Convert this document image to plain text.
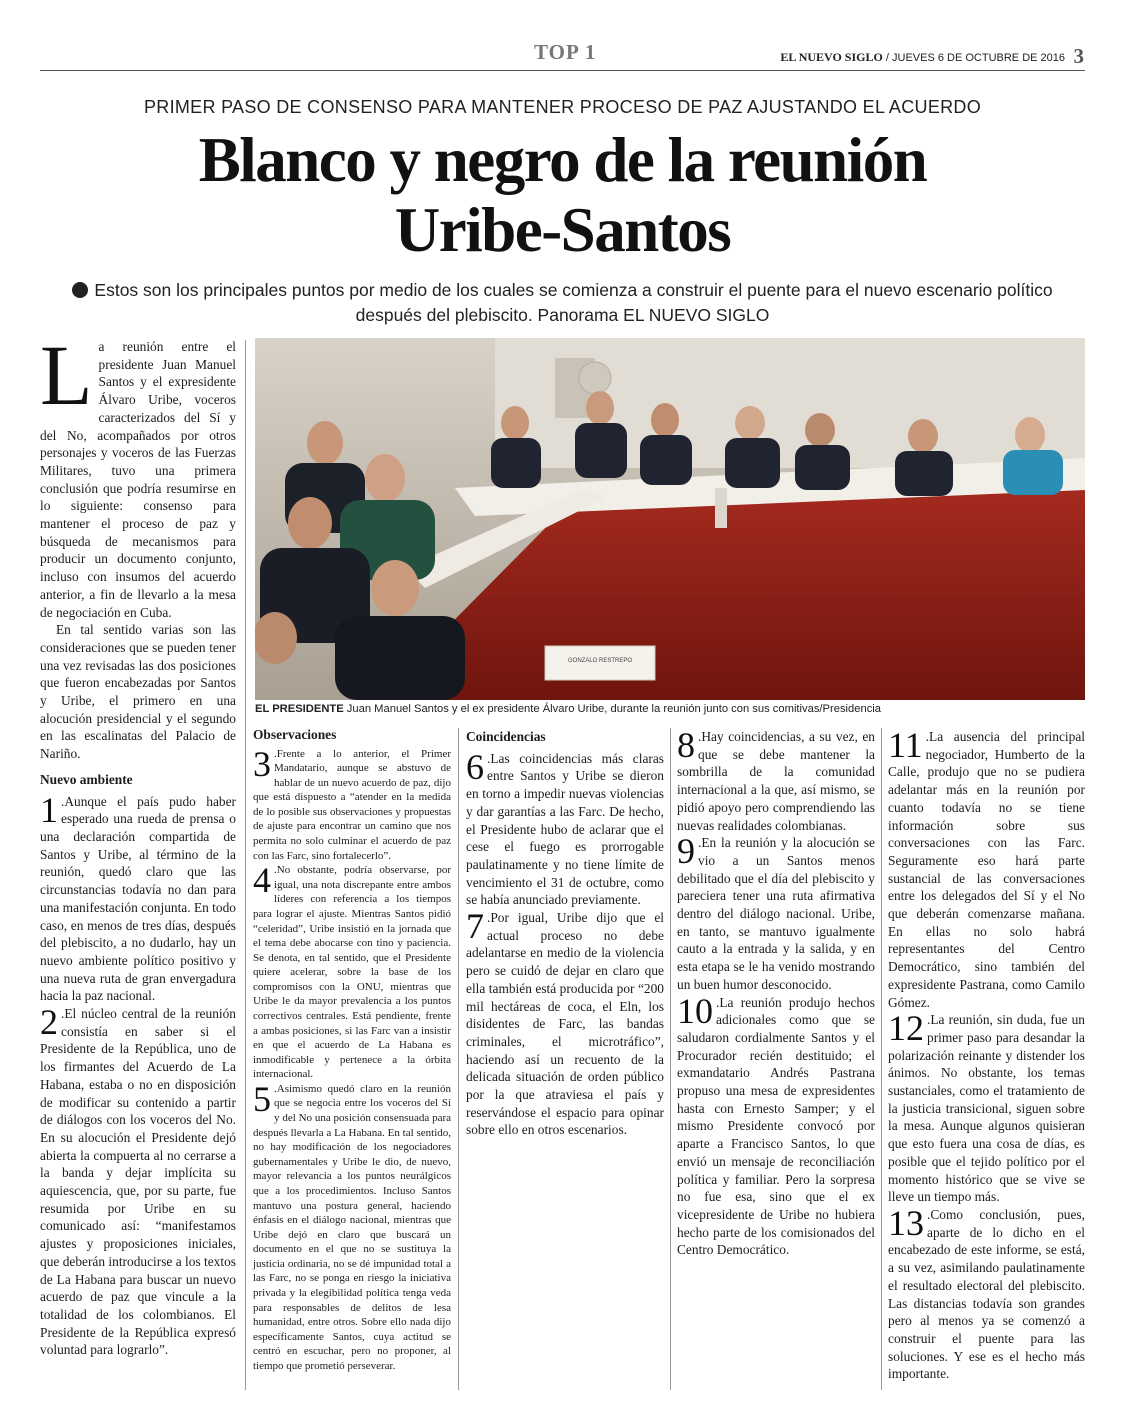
TOP 1	EL NUEVO SIGLO / JUEVES 6 DE OCTUBRE DE 2016 3
PRIMER PASO DE CONSENSO PARA MANTENER PROCESO DE PAZ AJUSTANDO EL ACUERDO
Blanco y negro de la reunión
Uribe-Santos
Estos son los principales puntos por medio de los cuales se comienza a construir el puente para el nuevo escenario político después del plebiscito. Panorama EL NUEVO SIGLO
GONZALO RESTREPO
EL PRESIDENTE Juan Manuel Santos y el ex presidente Álvaro Uribe, durante la reunión junto con sus comitivas/Presidencia

La reunión entre el presidente Juan Manuel Santos y el expresidente Álvaro Uribe, voceros caracterizados del Sí y del No, acompañados por otros personajes y voceros de las Fuerzas Militares, tuvo una primera conclusión que podría resumirse en lo siguiente: consenso para mantener el proceso de paz y búsqueda de mecanismos para producir un documento conjunto, incluso con insumos del acuerdo anterior, a fin de llevarlo a la mesa de negociación en Cuba.

En tal sentido varias son las consideraciones que se pueden tener una vez revisadas las dos posiciones que fueron encabezadas por Santos y Uribe, el primero en una alocución presidencial y el segundo en las escalinatas del Palacio de Nariño.

Nuevo ambiente

1 .Aunque el país pudo haber esperado una rueda de prensa o una declaración compartida de Santos y Uribe, al término de la reunión, quedó claro que las circunstancias todavía no dan para una manifestación conjunta. En todo caso, en menos de tres días, después del plebiscito, a no dudarlo, hay un nuevo ambiente político positivo y una nueva ruta de gran envergadura hacia la paz nacional.

2 .El núcleo central de la reunión consistía en saber si el Presidente de la República, uno de los firmantes del Acuerdo de La Habana, estaba o no en disposición de modificar su contenido a partir de diálogos con los voceros del No. En su alocución el Presidente dejó abierta la compuerta al no cerrarse a la banda y dejar implícita su aquiescencia, que, por su parte, fue resumida por Uribe en su comunicado así: “manifestamos ajustes y proposiciones iniciales, que deberán introducirse a los textos de La Habana para buscar un nuevo acuerdo de paz que vincule a la totalidad de los colombianos. El Presidente de la República expresó voluntad para lograrlo”.

Observaciones

3 .Frente a lo anterior, el Primer Mandatario, aunque se abstuvo de hablar de un nuevo acuerdo de paz, dijo que está dispuesto a “atender en la medida de lo posible sus observaciones y propuestas de ajuste para encontrar un camino que nos permita no solo culminar el acuerdo de paz con las Farc, sino fortalecerlo”.

4 .No obstante, podría observarse, por igual, una nota discrepante entre ambos líderes con referencia a los tiempos para lograr el ajuste. Mientras Santos pidió “celeridad”, Uribe insistió en la jornada que el tema debe abocarse con tino y paciencia. Se denota, en tal sentido, que el Presidente quiere acelerar, sobre la base de los compromisos con la ONU, mientras que Uribe le da mayor prevalencia a los puntos correctivos centrales. Está pendiente, frente a ambas posiciones, si las Farc van a insistir en que el acuerdo de La Habana es inmodificable y pertenece a la órbita internacional.

5 .Asimismo quedó claro en la reunión que se negocia entre los voceros del Sí y del No una posición consensuada para después llevarla a La Habana. En tal sentido, no hay modificación de los negociadores gubernamentales y Uribe le dio, de nuevo, mayor relevancia a los puntos neurálgicos que a los procedimientos. Incluso Santos mantuvo una postura general, haciendo énfasis en el diálogo nacional, mientras que Uribe dejó en claro que buscará un documento en el que no se sustituya la justicia ordinaria, no se dé impunidad total a las Farc, no se ponga en riesgo la iniciativa privada y la elegibilidad política tenga veda para responsables de delitos de lesa humanidad, entre otros. Sobre ello nada dijo específicamente Santos, cuya actitud se centró en escuchar, pero no proponer, al tiempo que prometió perseverar.

Coincidencias

6 .Las coincidencias más claras entre Santos y Uribe se dieron en torno a impedir nuevas violencias y dar garantías a las Farc. De hecho, el Presidente hubo de aclarar que el cese el fuego es prorrogable paulatinamente y no tiene límite de vencimiento el 31 de octubre, como se había anunciado previamente.

7 .Por igual, Uribe dijo que el actual proceso no debe adelantarse en medio de la violencia pero se cuidó de dejar en claro que ella también está producida por “200 mil hectáreas de coca, el Eln, los disidentes de Farc, las bandas criminales, el microtráfico”, haciendo así un recuento de la delicada situación de orden público por la que atraviesa el país y reservándose el espacio para opinar sobre ello en otros escenarios.

8 .Hay coincidencias, a su vez, en que se debe mantener la sombrilla de la comunidad internacional a la que, así mismo, se pidió apoyo pero comprendiendo las nuevas realidades colombianas.

9 .En la reunión y la alocución se vio a un Santos menos debilitado que el día del plebiscito y pareciera tener una ruta afirmativa dentro del diálogo nacional. Uribe, en tanto, se mantuvo igualmente cauto a la entrada y la salida, y en esta etapa se le ha venido mostrando un buen humor desconocido.

10 .La reunión produjo hechos adicionales como que se saludaron cordialmente Santos y el Procurador recién destituido; el exmandatario Andrés Pastrana propuso una mesa de expresidentes hasta con Ernesto Samper; y el mismo Presidente convocó por aparte a Francisco Santos, lo que envió un mensaje de reconciliación política y familiar. Pero la sorpresa no fue esa, sino que el ex vicepresidente de Uribe no hubiera hecho parte de los comisionados del Centro Democrático.

11 .La ausencia del principal negociador, Humberto de la Calle, produjo que no se pudiera adelantar más en la reunión por cuanto todavía no se tiene información sobre sus conversaciones con las Farc. Seguramente eso hará parte sustancial de las conversaciones entre los delegados del Sí y el No que deberán comenzarse mañana. En ellas no solo habrá representantes del Centro Democrático, sino también del expresidente Pastrana, como Camilo Gómez.

12 .La reunión, sin duda, fue un primer paso para desandar la polarización reinante y distender los ánimos. No obstante, los temas sustanciales, como el tratamiento de la justicia transicional, siguen sobre la mesa. Aunque algunos quisieran que esto fuera una cosa de días, es posible que el tejido político por el momento histórico que se vive se lleve un tiempo más.

13 .Como conclusión, pues, aparte de lo dicho en el encabezado de este informe, se está, a su vez, asimilando paulatinamente el resultado electoral del plebiscito. Las distancias todavía son grandes pero al menos ya se comenzó a construir el puente para las soluciones. Y ese es el hecho más importante.
